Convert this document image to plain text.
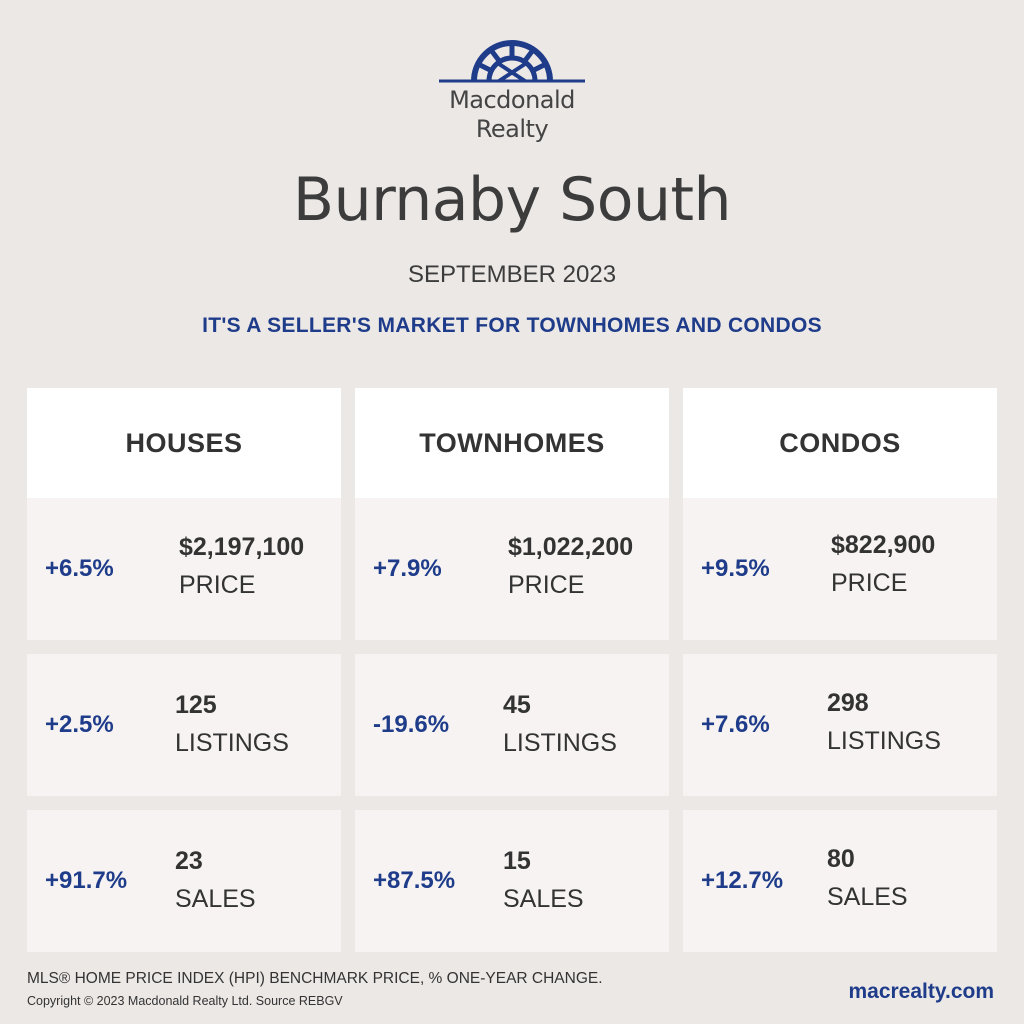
Macdonald
Realty
Burnaby South
SEPTEMBER 2023
IT'S A SELLER'S MARKET FOR TOWNHOMES AND CONDOS
HOUSES
+6.5%
$2,197,100
PRICE
+2.5%
125
LISTINGS
+91.7%
23
SALES
TOWNHOMES
+7.9%
$1,022,200
PRICE
-19.6%
45
LISTINGS
+87.5%
15
SALES
CONDOS
+9.5%
$822,900
PRICE
+7.6%
298
LISTINGS
+12.7%
80
SALES
MLS® HOME PRICE INDEX (HPI) BENCHMARK PRICE, % ONE-YEAR CHANGE.
Copyright © 2023 Macdonald Realty Ltd. Source REBGV	macrealty.com
